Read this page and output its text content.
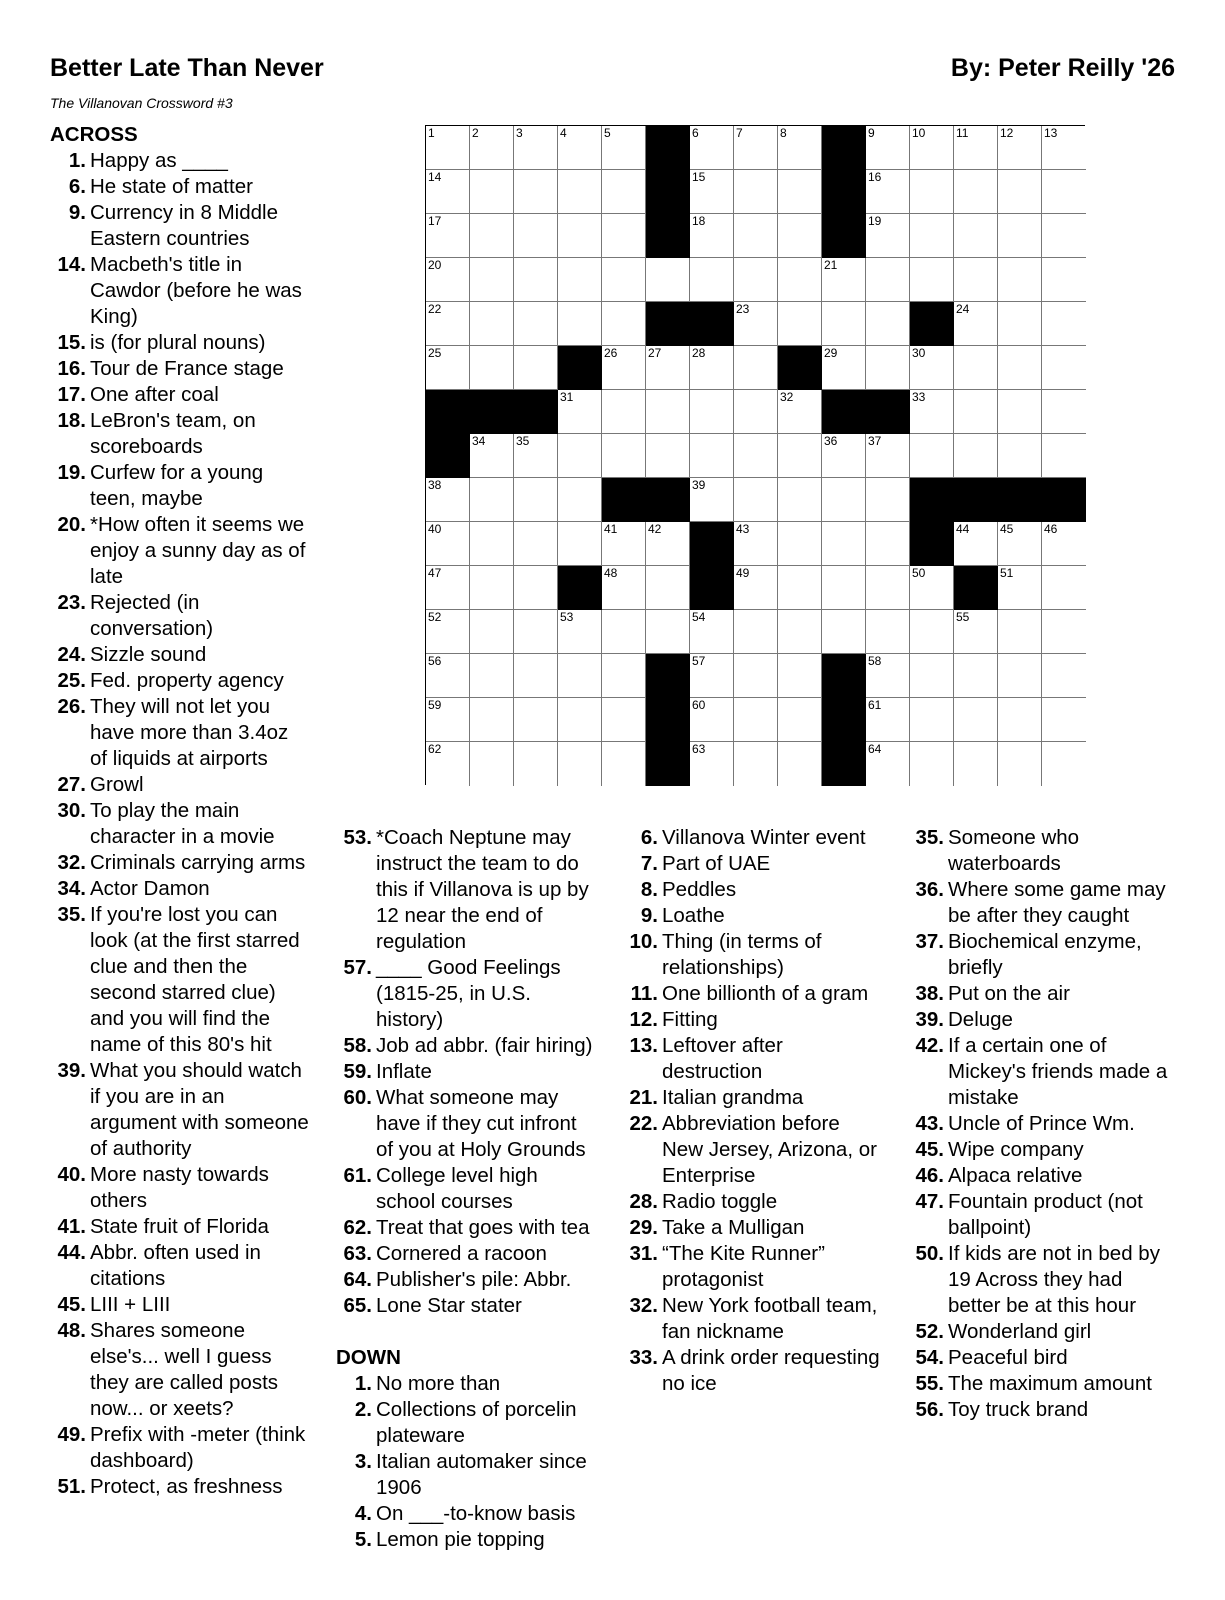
Better Late Than Never	By: Peter Reilly '26
The Villanovan Crossword #3
1	2	3	4	5	6	7	8	9	10	11	12	13
14	15	16
17	18	19
20	21
22	23	24
25	26	27	28	29	30
31	32	33
34	35	36	37
38	39
40	41	42	43	44	45	46
47	48	49	50	51
52	53	54	55
56	57	58
59	60	61
62	63	64
ACROSS
1. Happy as ____
6. He state of matter
9. Currency in 8 Middle
Eastern countries
14. Macbeth's title in
Cawdor (before he was
King)
15. is (for plural nouns)
16. Tour de France stage
17. One after coal
18. LeBron's team, on
scoreboards
19. Curfew for a young
teen, maybe
20. *How often it seems we
enjoy a sunny day as of
late
23. Rejected (in
conversation)
24. Sizzle sound
25. Fed. property agency
26. They will not let you
have more than 3.4oz
of liquids at airports
27. Growl
30. To play the main
character in a movie
32. Criminals carrying arms
34. Actor Damon
35. If you're lost you can
look (at the first starred
clue and then the
second starred clue)
and you will find the
name of this 80's hit
39. What you should watch
if you are in an
argument with someone
of authority
40. More nasty towards
others
41. State fruit of Florida
44. Abbr. often used in
citations
45. LIII + LIII
48. Shares someone
else's... well I guess
they are called posts
now... or xeets?
49. Prefix with -meter (think
dashboard)
51. Protect, as freshness
53. *Coach Neptune may
instruct the team to do
this if Villanova is up by
12 near the end of
regulation
57. ____ Good Feelings
(1815-25, in U.S.
history)
58. Job ad abbr. (fair hiring)
59. Inflate
60. What someone may
have if they cut infront
of you at Holy Grounds
61. College level high
school courses
62. Treat that goes with tea
63. Cornered a racoon
64. Publisher's pile: Abbr.
65. Lone Star stater
DOWN
1. No more than
2. Collections of porcelin
plateware
3. Italian automaker since
1906
4. On ___-to-know basis
5. Lemon pie topping
6. Villanova Winter event
7. Part of UAE
8. Peddles
9. Loathe
10. Thing (in terms of
relationships)
11. One billionth of a gram
12. Fitting
13. Leftover after
destruction
21. Italian grandma
22. Abbreviation before
New Jersey, Arizona, or
Enterprise
28. Radio toggle
29. Take a Mulligan
31. “The Kite Runner”
protagonist
32. New York football team,
fan nickname
33. A drink order requesting
no ice
35. Someone who
waterboards
36. Where some game may
be after they caught
37. Biochemical enzyme,
briefly
38. Put on the air
39. Deluge
42. If a certain one of
Mickey's friends made a
mistake
43. Uncle of Prince Wm.
45. Wipe company
46. Alpaca relative
47. Fountain product (not
ballpoint)
50. If kids are not in bed by
19 Across they had
better be at this hour
52. Wonderland girl
54. Peaceful bird
55. The maximum amount
56. Toy truck brand
